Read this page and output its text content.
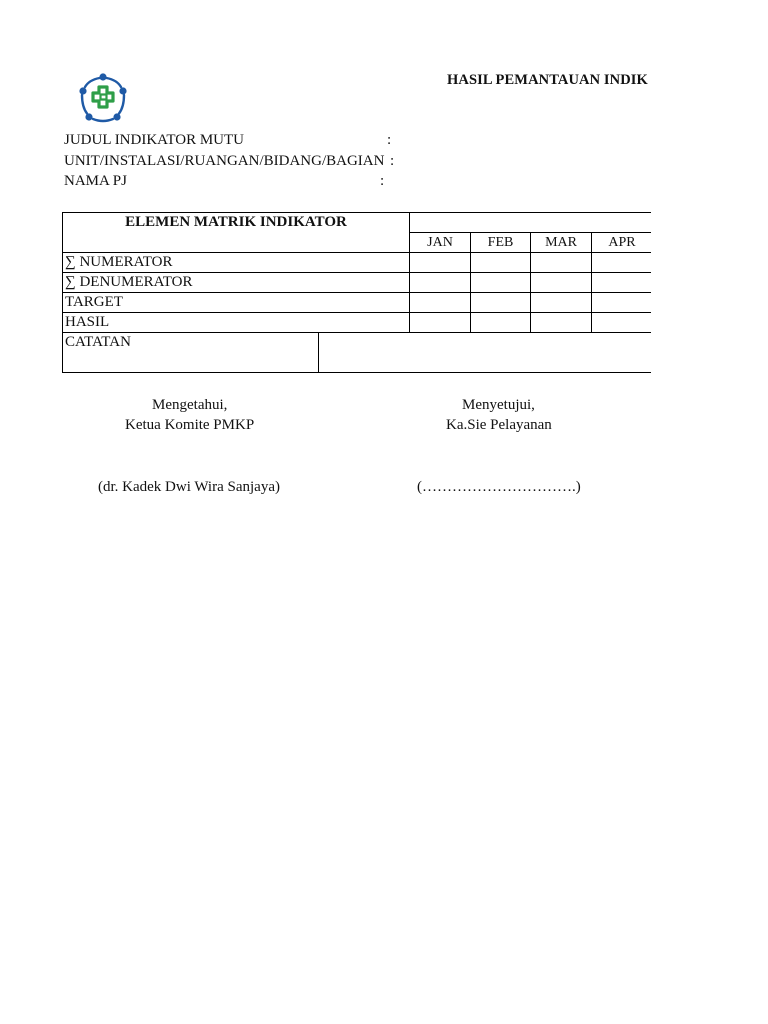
HASIL PEMANTAUAN INDIK
JUDUL INDIKATOR MUTU	:
UNIT/INSTALASI/RUANGAN/BIDANG/BAGIAN :
NAMA PJ	:
ELEMEN MATRIK INDIKATOR						
		JAN	FEB	MAR	APR	
∑ NUMERATOR						
∑ DENUMERATOR						
TARGET						
HASIL						
CATATAN						
Mengetahui,
Ketua Komite PMKP
(dr. Kadek Dwi Wira Sanjaya)
Menyetujui,
Ka.Sie Pelayanan
(………………………….)
